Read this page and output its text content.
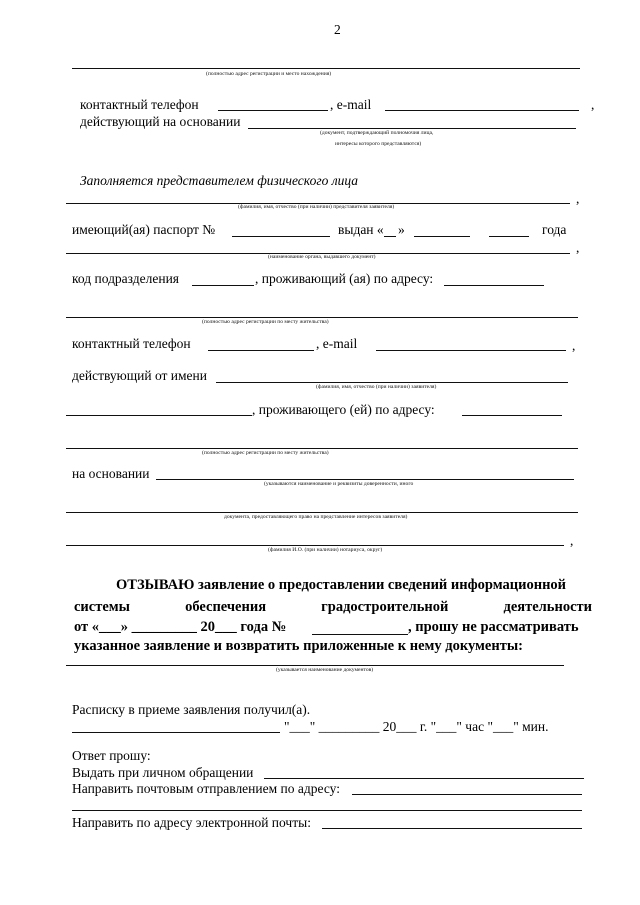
2
(полностью адрес регистрации и место нахождения)
контактный телефон	, e-mail	,
действующий на основании
(документ, подтверждающий полномочия лица,
интересы которого представляются)
Заполняется представителем физического лица
,
(фамилия, имя, отчество (при наличии) представителя заявителя)
имеющий(ая) паспорт №	выдан « »	года
,
(наименование органа, выдавшего документ)
код подразделения	, проживающий (ая) по адресу:
(полностью адрес регистрации по месту жительства)
контактный телефон	, e-mail	,
действующий от имени
(фамилия, имя, отчество (при наличии) заявителя)
, проживающего (ей) по адресу:
(полностью адрес регистрации по месту жительства)
на основании
(указываются наименование и реквизиты доверенности, иного
документа, предоставляющего право на представление интересов заявителя)
,
(фамилия И.О. (при наличии) нотариуса, округ)
ОТЗЫВАЮ заявление о предоставлении сведений информационной
системы	обеспечения	градостроительной	деятельности
от «___» _________ 20___ года №	, прошу не рассматривать
указанное заявление и возвратить приложенные к нему документы:
(указывается наименование документов)
Расписку в приеме заявления получил(а).
"___" _________ 20___ г. "___" час "___" мин.
Ответ прошу:
Выдать при личном обращении
Направить почтовым отправлением по адресу:
Направить по адресу электронной почты:
